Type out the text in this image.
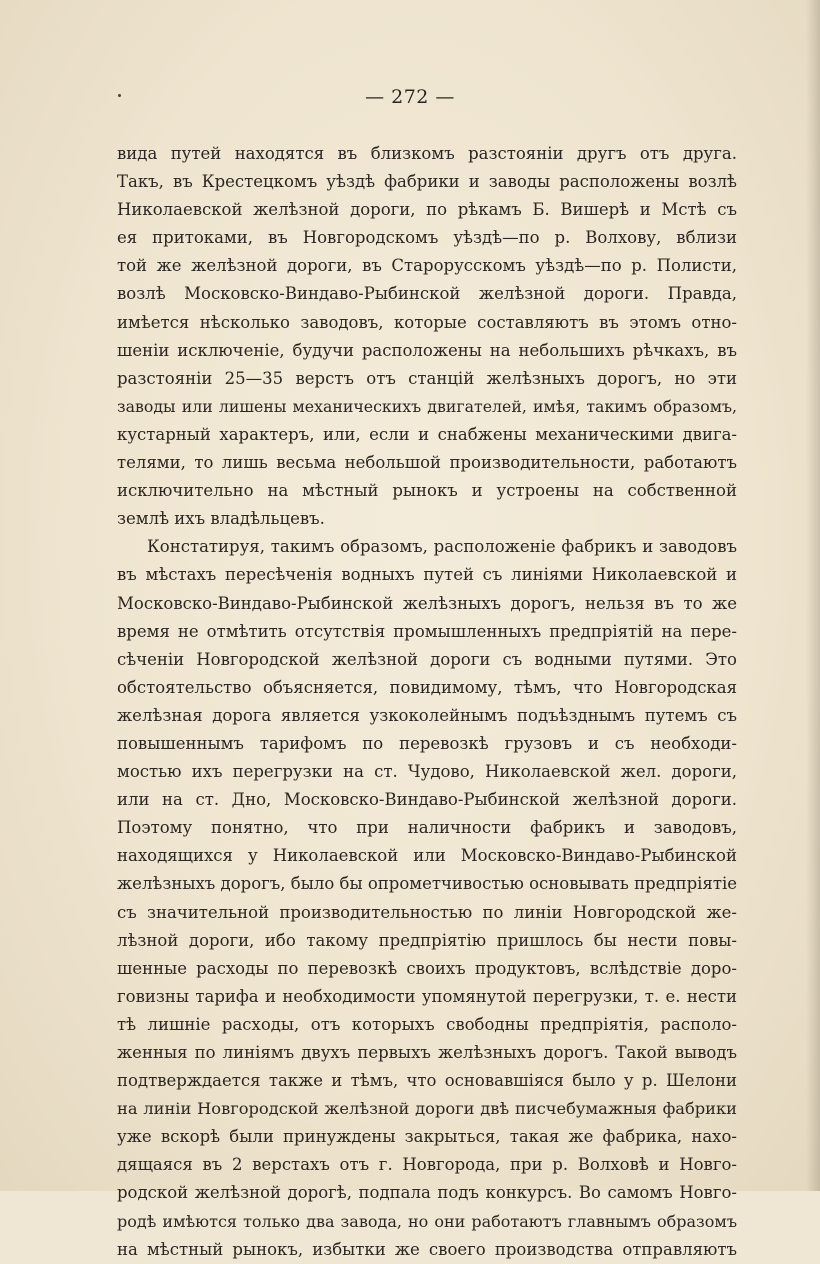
— 272 —
вида путей находятся въ близкомъ разстояніи другъ отъ друга.
Такъ, въ Крестецкомъ уѣздѣ фабрики и заводы расположены возлѣ
Николаевской желѣзной дороги, по рѣкамъ Б. Вишерѣ и Мстѣ съ
ея притоками, въ Новгородскомъ уѣздѣ—по р. Волхову, вблизи
той же желѣзной дороги, въ Старорусскомъ уѣздѣ—по р. Полисти,
возлѣ Московско-Виндаво-Рыбинской желѣзной дороги. Правда,
имѣется нѣсколько заводовъ, которые составляютъ въ этомъ отно-
шеніи исключеніе, будучи расположены на небольшихъ рѣчкахъ, въ
разстояніи 25—35 верстъ отъ станцій желѣзныхъ дорогъ, но эти
заводы или лишены механическихъ двигателей, имѣя, такимъ образомъ,
кустарный характеръ, или, если и снабжены механическими двига-
телями, то лишь весьма небольшой производительности, работаютъ
исключительно на мѣстный рынокъ и устроены на собственной
землѣ ихъ владѣльцевъ.
Констатируя, такимъ образомъ, расположеніе фабрикъ и заводовъ
въ мѣстахъ пересѣченія водныхъ путей съ линіями Николаевской и
Московско-Виндаво-Рыбинской желѣзныхъ дорогъ, нельзя въ то же
время не отмѣтить отсутствія промышленныхъ предпріятій на пере-
сѣченіи Новгородской желѣзной дороги съ водными путями. Это
обстоятельство объясняется, повидимому, тѣмъ, что Новгородская
желѣзная дорога является узкоколейнымъ подъѣзднымъ путемъ съ
повышеннымъ тарифомъ по перевозкѣ грузовъ и съ необходи-
мостью ихъ перегрузки на ст. Чудово, Николаевской жел. дороги,
или на ст. Дно, Московско-Виндаво-Рыбинской желѣзной дороги.
Поэтому понятно, что при наличности фабрикъ и заводовъ,
находящихся у Николаевской или Московско-Виндаво-Рыбинской
желѣзныхъ дорогъ, было бы опрометчивостью основывать предпріятіе
съ значительной производительностью по линіи Новгородской же-
лѣзной дороги, ибо такому предпріятію пришлось бы нести повы-
шенные расходы по перевозкѣ своихъ продуктовъ, вслѣдствіе доро-
говизны тарифа и необходимости упомянутой перегрузки, т. е. нести
тѣ лишніе расходы, отъ которыхъ свободны предпріятія, располо-
женныя по линіямъ двухъ первыхъ желѣзныхъ дорогъ. Такой выводъ
подтверждается также и тѣмъ, что основавшіяся было у р. Шелони
на линіи Новгородской желѣзной дороги двѣ писчебумажныя фабрики
уже вскорѣ были принуждены закрыться, такая же фабрика, нахо-
дящаяся въ 2 верстахъ отъ г. Новгорода, при р. Волховѣ и Новго-
родской желѣзной дорогѣ, подпала подъ конкурсъ. Во самомъ Новго-
родѣ имѣются только два завода, но они работаютъ главнымъ образомъ
на мѣстный рынокъ, избытки же своего производства отправляютъ
